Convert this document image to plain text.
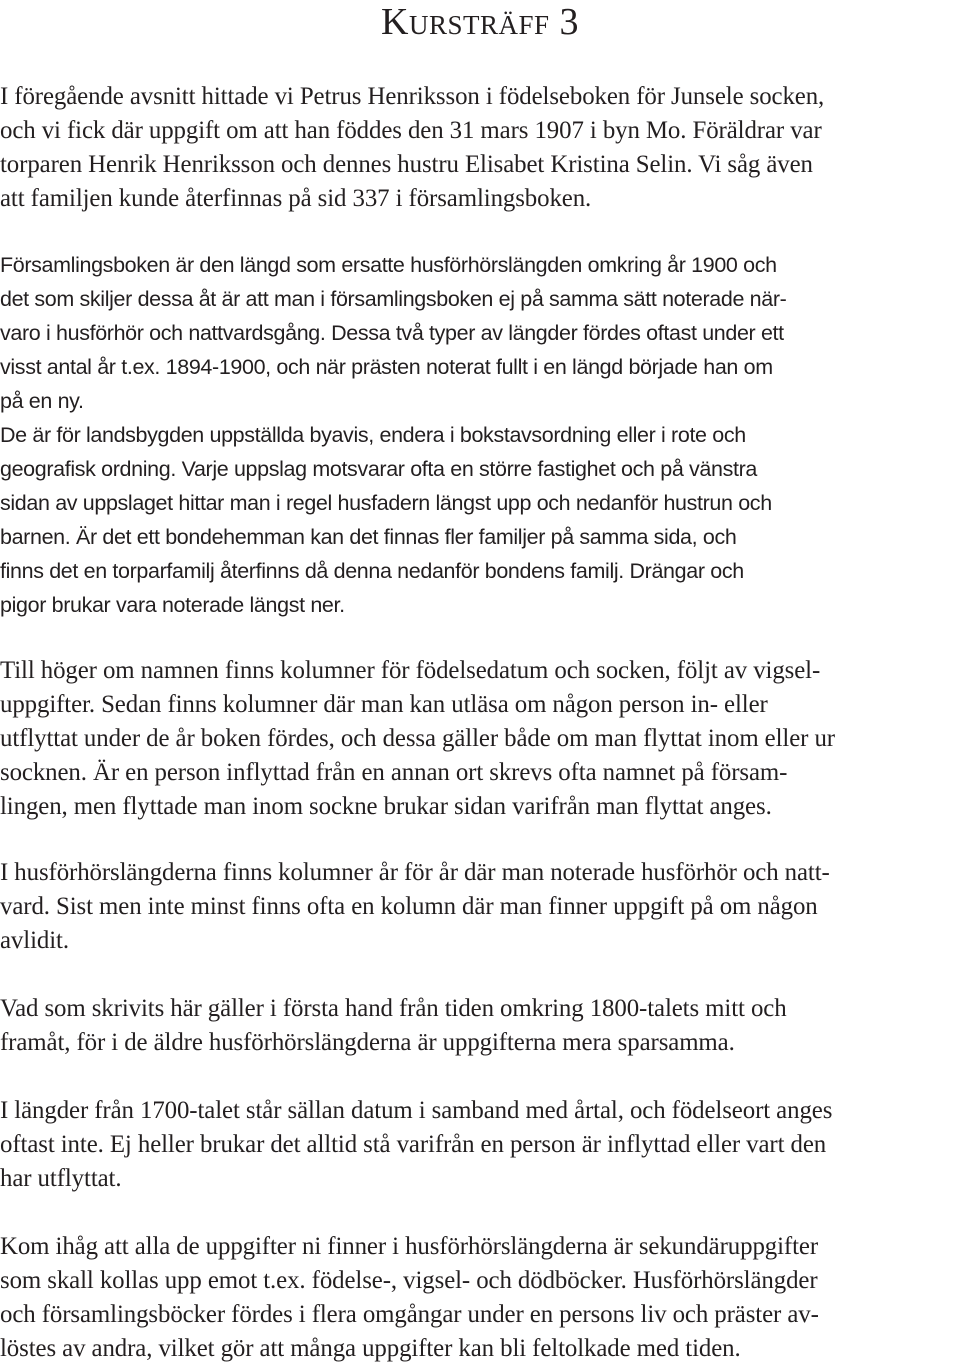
Kursträff 3

I föregående avsnitt hittade vi Petrus Henriksson i födelseboken för Junsele socken,
och vi fick där uppgift om att han föddes den 31 mars 1907 i byn Mo. Föräldrar var
torparen Henrik Henriksson och dennes hustru Elisabet Kristina Selin. Vi såg även
att familjen kunde återfinnas på sid 337 i församlingsboken.

Församlingsboken är den längd som ersatte husförhörslängden omkring år 1900 och
det som skiljer dessa åt är att man i församlingsboken ej på samma sätt noterade när-
varo i husförhör och nattvardsgång. Dessa två typer av längder fördes oftast under ett
visst antal år t.ex. 1894-1900, och när prästen noterat fullt i en längd började han om
på en ny.
De är för landsbygden uppställda byavis, endera i bokstavsordning eller i rote och
geografisk ordning. Varje uppslag motsvarar ofta en större fastighet och på vänstra
sidan av uppslaget hittar man i regel husfadern längst upp och nedanför hustrun och
barnen. Är det ett bondehemman kan det finnas fler familjer på samma sida, och
finns det en torparfamilj återfinns då denna nedanför bondens familj. Drängar och
pigor brukar vara noterade längst ner.

Till höger om namnen finns kolumner för födelsedatum och socken, följt av vigsel-
uppgifter. Sedan finns kolumner där man kan utläsa om någon person in- eller
utflyttat under de år boken fördes, och dessa gäller både om man flyttat inom eller ur
socknen. Är en person inflyttad från en annan ort skrevs ofta namnet på försam-
lingen, men flyttade man inom sockne brukar sidan varifrån man flyttat anges.

I husförhörslängderna finns kolumner år för år där man noterade husförhör och natt-
vard. Sist men inte minst finns ofta en kolumn där man finner uppgift på om någon
avlidit.

Vad som skrivits här gäller i första hand från tiden omkring 1800-talets mitt och
framåt, för i de äldre husförhörslängderna är uppgifterna mera sparsamma.

I längder från 1700-talet står sällan datum i samband med årtal, och födelseort anges
oftast inte. Ej heller brukar det alltid stå varifrån en person är inflyttad eller vart den
har utflyttat.

Kom ihåg att alla de uppgifter ni finner i husförhörslängderna är sekundäruppgifter
som skall kollas upp emot t.ex. födelse-, vigsel- och dödböcker. Husförhörslängder
och församlingsböcker fördes i flera omgångar under en persons liv och präster av-
löstes av andra, vilket gör att många uppgifter kan bli feltolkade med tiden.
